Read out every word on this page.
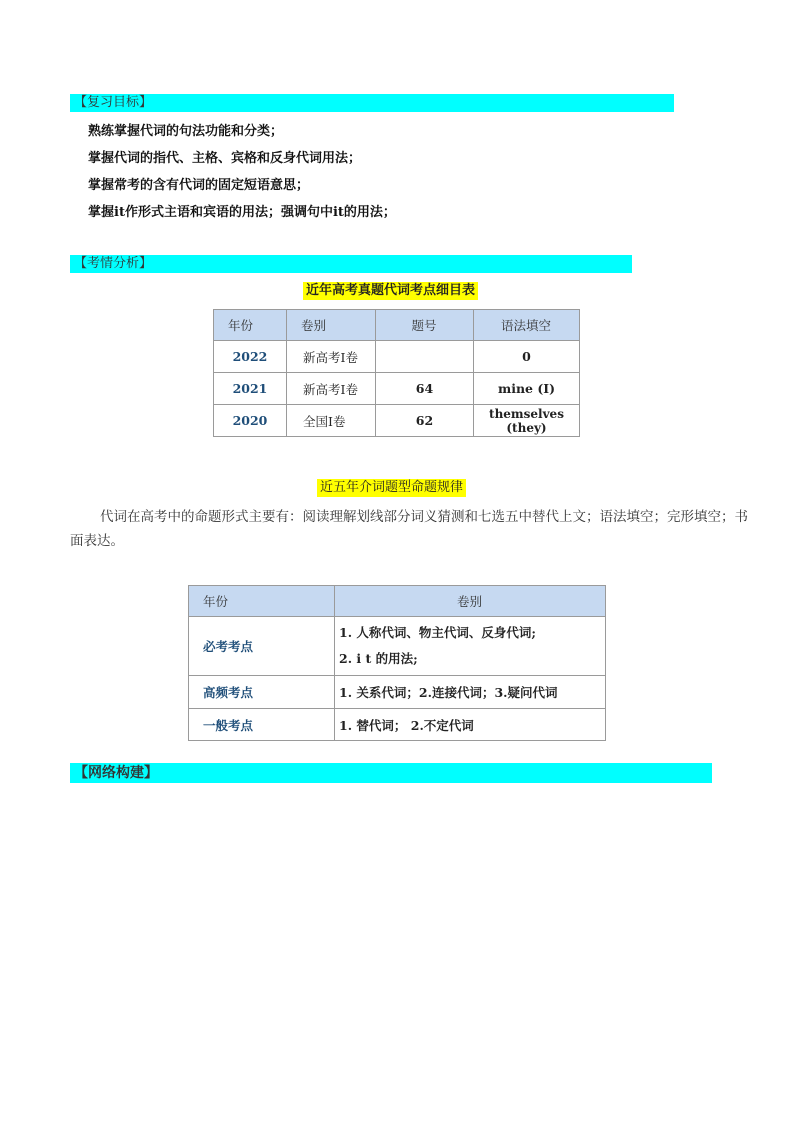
【复习目标】
熟练掌握代词的句法功能和分类；
掌握代词的指代、主格、宾格和反身代词用法；
掌握常考的含有代词的固定短语意思；
掌握it作形式主语和宾语的用法；强调句中it的用法；
【考情分析】
近年高考真题代词考点细目表
年份	卷别	题号	语法填空
2022	新高考I卷		0
2021	新高考I卷	64	mine (I)
2020	全国I卷	62	themselves (they)
近五年介词题型命题规律
代词在高考中的命题形式主要有：阅读理解划线部分词义猜测和七选五中替代上文；语法填空；完形填空；书面表达。
年份	卷别
必考考点	1. 人称代词、物主代词、反身代词;
2. i t 的用法;

高频考点	1. 关系代词；2.连接代词；3.疑问代词
一般考点	1. 替代词； 2.不定代词
【网络构建】
